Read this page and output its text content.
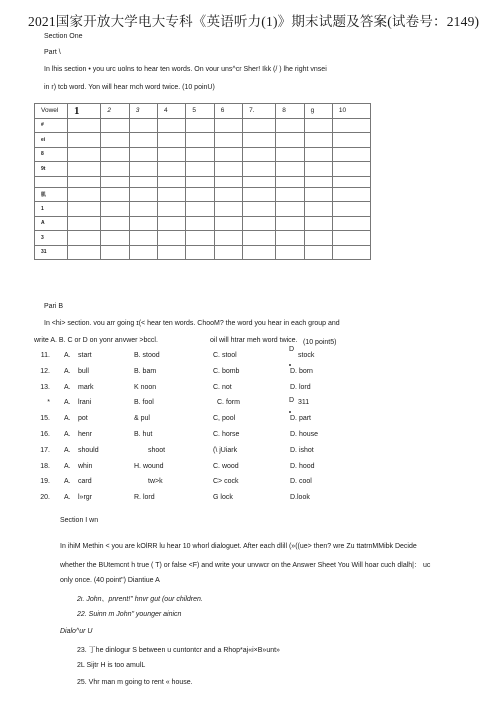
2021国家开放大学电大专科《英语听力(1)》期末试题及答案(试卷号：2149)
Section One
Part \
In lhis section • you urc uolns to hear ten words. On vour uns^cr Sher! Ikk (/ ) lhe right vnsei
in r) tcb word. Yon will hear rnch word twice. (10 poinU)
Vowel	1	2	3	4	5	6	7.	8	g	10
#										
ei										
8										
9t										

肌										
1										
A										
3										
31										
Pari B
In <hi> section. vou arr going ɪ(< hear ten words. ChooM? the word you hear in each group and
write A. B. C or D on yonr anvwer >bccl.	oil will htrar meh word twice. (10 point5)
11. A. start	B. stood	C. stool	stock
12. A. bull	B. bam	C. bomb	D. born
13. A. mark	K noon	C. not	D. lord
* A. lrani	B. fool	C. form	311
15. A. pot	& pul	C, pool	D. part
16. A. henr	B. hut	C. horse	D. house
17. A. should	shoot	(\ jUiark	D. ishot
18. A. whin	H. wound	C. wood	D. hood
19. A. card	tw>k	C> cock	D. cool
20. A. l»rgr	R. lord	G lock	D.look
D
D
Section I wn
In ihiM Methin < you are kOlRR lu hear 10 whorl dialoguet. After each dlill (»((ue> then? wre Zu ttatrnMMibk Decide
whether the BUtemcnt h true ( T) or false <F) and write your unvwcr on the Answer Sheet You Will hoar cuch dlalh|： uc
only once. (40 point") Diantiue A
2ι. John、pnrent!" hnvr gut (our children.
22. Suinn m John" younger ainicn
Dialo^ur U
23. 丁he dinlogur S between u cuntontcr and a Rhop*aj«i×B»unt»
2L Sijtr H is too amulL
25. Vhr man m going to rent « house.
